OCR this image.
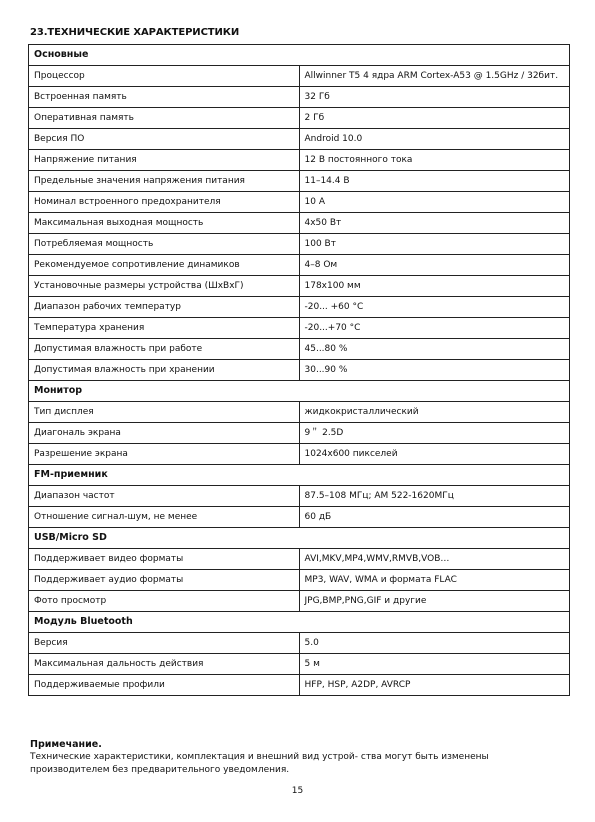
23.ТЕХНИЧЕСКИЕ ХАРАКТЕРИСТИКИ
Основные	
Процессор	Allwinner T5 4 ядра ARM Cortex-A53 @ 1.5GHz / 32бит.
Встроенная память	32 Гб
Оперативная память	2 Гб
Версия ПО	Android 10.0
Напряжение питания	12 В постоянного тока
Предельные значения напряжения питания	11–14.4 В
Номинал встроенного предохранителя	10 А
Максимальная выходная мощность	4x50 Вт
Потребляемая мощность	100 Вт
Рекомендуемое сопротивление динамиков	4–8 Ом
Установочные размеры устройства (ШxВxГ)	178x100 мм
Диапазон рабочих температур	-20... +60 °C
Температура хранения	-20...+70 °C
Допустимая влажность при работе	45...80 %
Допустимая влажность при хранении	30...90 %
Монитор	
Тип дисплея	жидкокристаллический
Диагональ экрана	9＂ 2.5D
Разрешение экрана	1024x600 пикселей
FM-приемник	
Диапазон частот	87.5–108 МГц; AM 522-1620МГц
Отношение сигнал-шум, не менее	60 дБ
USB/Micro SD	
Поддерживает видео форматы	AVI,MKV,MP4,WMV,RMVB,VOB…
Поддерживает аудио форматы	MP3, WAV, WMA и формата FLAC
Фото просмотр	JPG,BMP,PNG,GIF и другие
Модуль Bluetooth	
Версия	5.0
Максимальная дальность действия	5 м
Поддерживаемые профили	HFP, HSP, A2DP, AVRCP
Примечание.
Технические характеристики, комплектация и внешний вид устрой- ства могут быть изменены производителем без предварительного уведомления.
15
